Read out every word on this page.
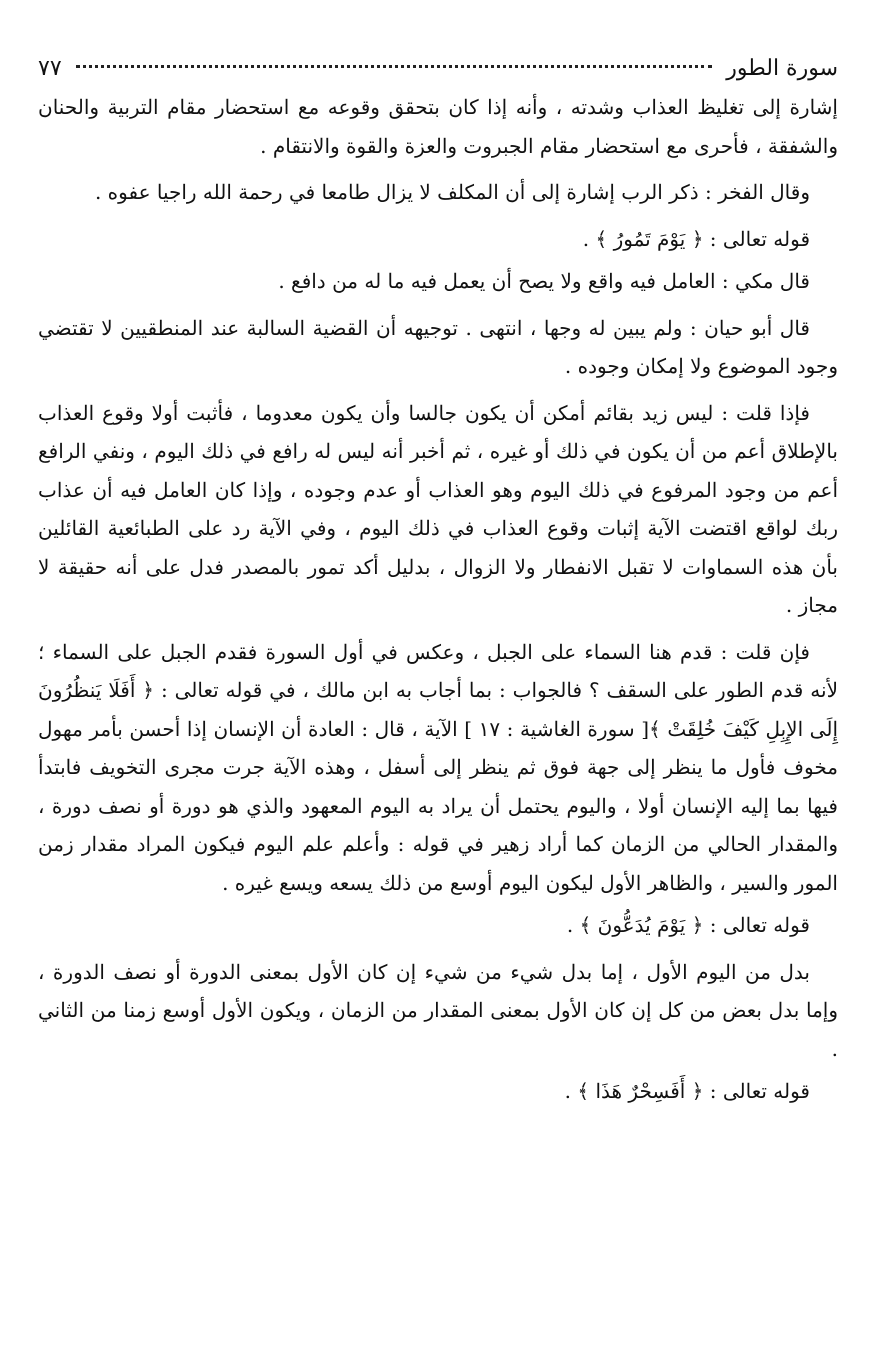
سورة الطور
٧٧

إشارة إلى تغليظ العذاب وشدته ، وأنه إذا كان بتحقق وقوعه مع استحضار مقام التربية والحنان والشفقة ، فأحرى مع استحضار مقام الجبروت والعزة والقوة والانتقام .

وقال الفخر : ذكر الرب إشارة إلى أن المكلف لا يزال طامعا في رحمة الله راجيا عفوه .

قوله تعالى : ﴿ يَوْمَ تَمُورُ ﴾ .

قال مكي : العامل فيه واقع ولا يصح أن يعمل فيه ما له من دافع .

قال أبو حيان : ولم يبين له وجها ، انتهى . توجيهه أن القضية السالبة عند المنطقيين لا تقتضي وجود الموضوع ولا إمكان وجوده .

فإذا قلت : ليس زيد بقائم أمكن أن يكون جالسا وأن يكون معدوما ، فأثبت أولا وقوع العذاب بالإطلاق أعم من أن يكون في ذلك أو غيره ، ثم أخبر أنه ليس له رافع في ذلك اليوم ، ونفي الرافع أعم من وجود المرفوع في ذلك اليوم وهو العذاب أو عدم وجوده ، وإذا كان العامل فيه أن عذاب ربك لواقع اقتضت الآية إثبات وقوع العذاب في ذلك اليوم ، وفي الآية رد على الطبائعية القائلين بأن هذه السماوات لا تقبل الانفطار ولا الزوال ، بدليل أكد تمور بالمصدر فدل على أنه حقيقة لا مجاز .

فإن قلت : قدم هنا السماء على الجبل ، وعكس في أول السورة فقدم الجبل على السماء ؛ لأنه قدم الطور على السقف ؟ فالجواب : بما أجاب به ابن مالك ، في قوله تعالى : ﴿ أَفَلَا يَنظُرُونَ إِلَى الإِبِلِ كَيْفَ خُلِقَتْ ﴾[ سورة الغاشية : ١٧ ] الآية ، قال : العادة أن الإنسان إذا أحسن بأمر مهول مخوف فأول ما ينظر إلى جهة فوق ثم ينظر إلى أسفل ، وهذه الآية جرت مجرى التخويف فابتدأ فيها بما إليه الإنسان أولا ، واليوم يحتمل أن يراد به اليوم المعهود والذي هو دورة أو نصف دورة ، والمقدار الحالي من الزمان كما أراد زهير في قوله : وأعلم علم اليوم فيكون المراد مقدار زمن المور والسير ، والظاهر الأول ليكون اليوم أوسع من ذلك يسعه ويسع غيره .

قوله تعالى : ﴿ يَوْمَ يُدَعُّونَ ﴾ .

بدل من اليوم الأول ، إما بدل شيء من شيء إن كان الأول بمعنى الدورة أو نصف الدورة ، وإما بدل بعض من كل إن كان الأول بمعنى المقدار من الزمان ، ويكون الأول أوسع زمنا من الثاني .

قوله تعالى : ﴿ أَفَسِحْرٌ هَذَا ﴾ .
